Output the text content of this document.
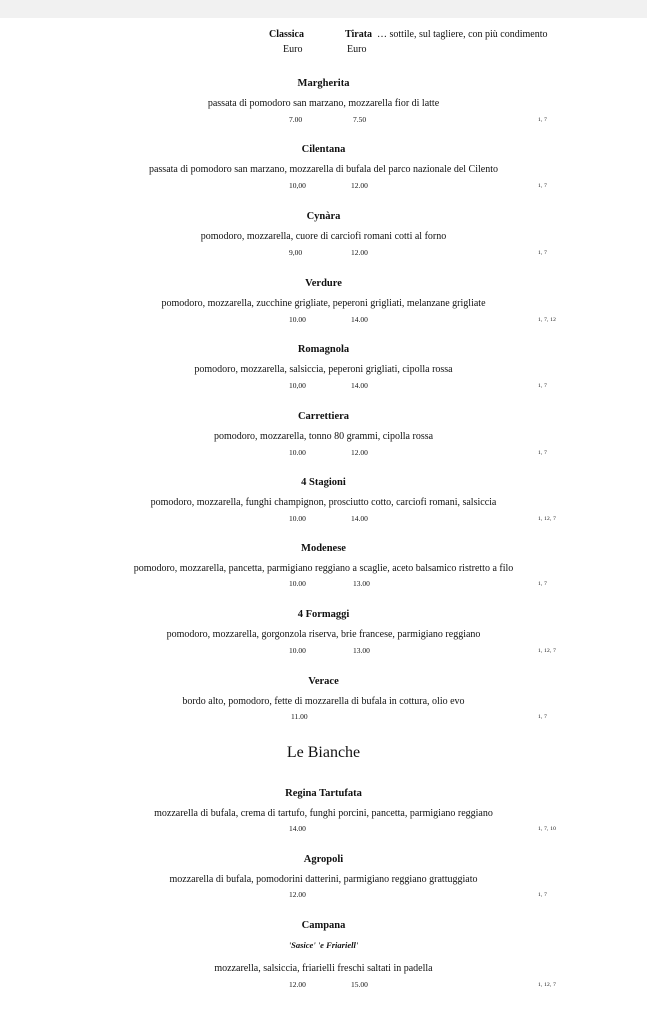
Classica	Tirata … sottile, sul tagliere, con più condimento
Euro	Euro
Margherita
passata di pomodoro san marzano, mozzarella fior di latte
7.00	7.50	1, 7
Cilentana
passata di pomodoro san marzano, mozzarella di bufala del parco nazionale del Cilento
10,00	12.00	1, 7
Cynàra
pomodoro, mozzarella, cuore di carciofi romani cotti al forno
9,00	12.00	1, 7
Verdure
pomodoro, mozzarella, zucchine grigliate, peperoni grigliati, melanzane grigliate
10.00	14.00	1, 7, 12
Romagnola
pomodoro, mozzarella, salsiccia, peperoni grigliati, cipolla rossa
10,00	14.00	1, 7
Carrettiera
pomodoro, mozzarella, tonno 80 grammi, cipolla rossa
10.00	12.00	1, 7
4 Stagioni
pomodoro, mozzarella, funghi champignon, prosciutto cotto, carciofi romani, salsiccia
10.00	14.00	1, 12, 7
Modenese
pomodoro, mozzarella, pancetta, parmigiano reggiano a scaglie, aceto balsamico ristretto a filo
10.00	13.00	1, 7
4 Formaggi
pomodoro, mozzarella, gorgonzola riserva, brie francese, parmigiano reggiano
10.00	13.00	1, 12, 7
Verace
bordo alto, pomodoro, fette di mozzarella di bufala in cottura, olio evo
11.00	1, 7
Le Bianche
Regina Tartufata
mozzarella di bufala, crema di tartufo, funghi porcini, pancetta, parmigiano reggiano
14.00	1, 7, 10
Agropoli
mozzarella di bufala, pomodorini datterini, parmigiano reggiano grattuggiato
12.00	1, 7
Campana
'Sasice' 'e Friariell'
mozzarella, salsiccia, friarielli freschi saltati in padella
12.00	15.00	1, 12, 7
